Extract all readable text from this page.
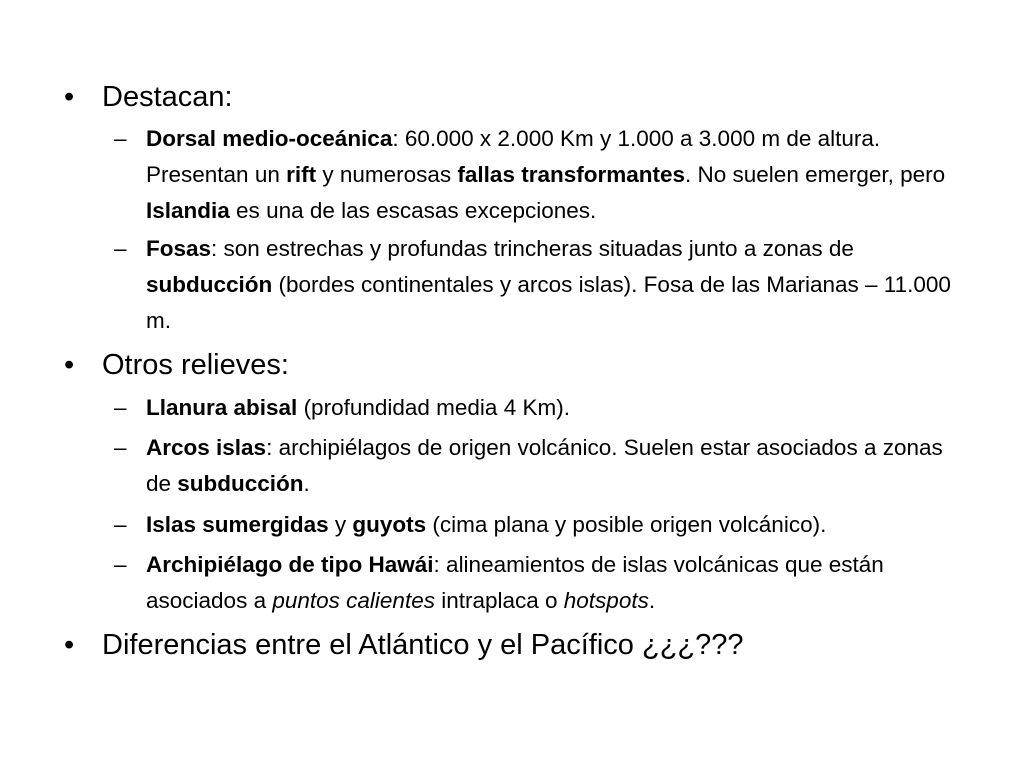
• Destacan:
– Dorsal medio-oceánica: 60.000 x 2.000 Km y 1.000 a 3.000 m de altura. Presentan un rift y numerosas fallas transformantes. No suelen emerger, pero Islandia es una de las escasas excepciones.
– Fosas: son estrechas y profundas trincheras situadas junto a zonas de subducción (bordes continentales y arcos islas). Fosa de las Marianas – 11.000 m.
• Otros relieves:
– Llanura abisal (profundidad media 4 Km).
– Arcos islas: archipiélagos de origen volcánico. Suelen estar asociados a zonas de subducción.
– Islas sumergidas y guyots (cima plana y posible origen volcánico).
– Archipiélago de tipo Hawái: alineamientos de islas volcánicas que están asociados a puntos calientes intraplaca o hotspots.
• Diferencias entre el Atlántico y el Pacífico ¿¿¿???
